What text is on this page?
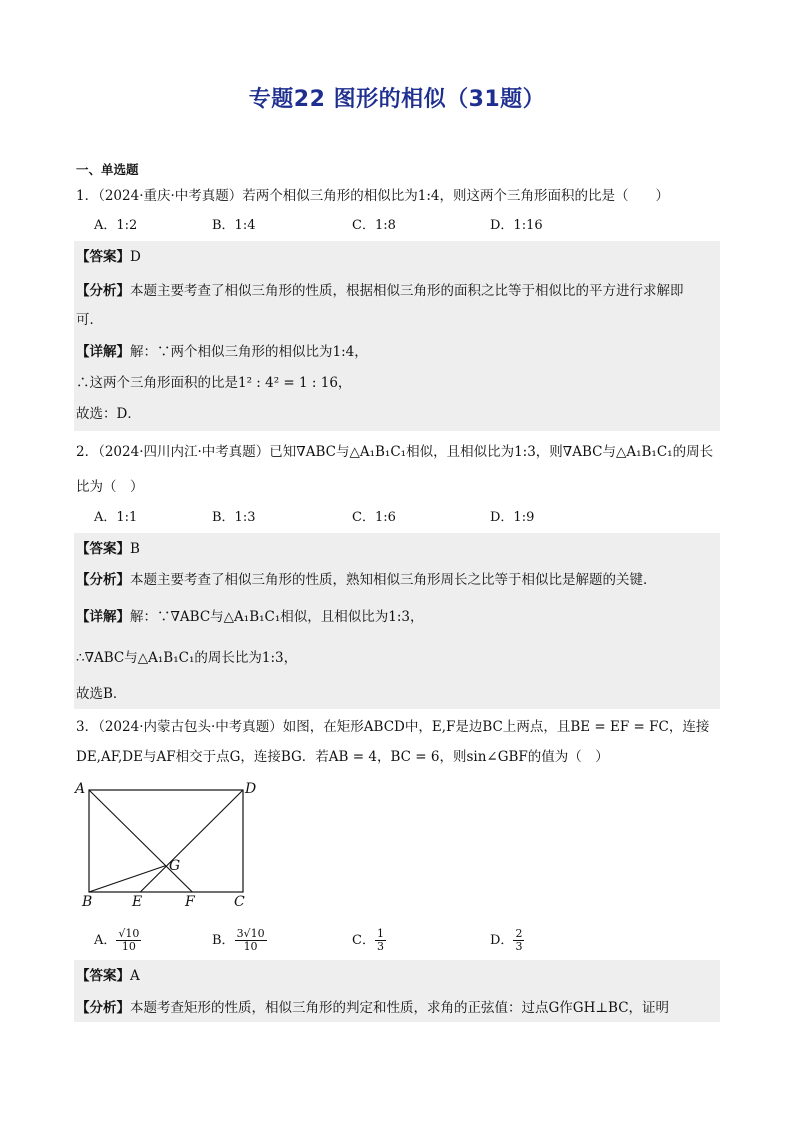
专题22 图形的相似（31题）
一、单选题
1．（2024·重庆·中考真题）若两个相似三角形的相似比为1:4，则这两个三角形面积的比是（　　）
A．1:2	B．1:4	C．1:8	D．1:16
【答案】D
【分析】本题主要考查了相似三角形的性质，根据相似三角形的面积之比等于相似比的平方进行求解即
可．
【详解】解：∵两个相似三角形的相似比为1:4，
∴这两个三角形面积的比是1² : 4² = 1 : 16，
故选：D．
2．（2024·四川内江·中考真题）已知∇ABC与△A₁B₁C₁相似，且相似比为1:3，则∇ABC与△A₁B₁C₁的周长
比为（　）
A．1:1	B．1:3	C．1:6	D．1:9
【答案】B
【分析】本题主要考查了相似三角形的性质，熟知相似三角形周长之比等于相似比是解题的关键．
【详解】解：∵∇ABC与△A₁B₁C₁相似，且相似比为1:3，
∴∇ABC与△A₁B₁C₁的周长比为1:3，
故选B．
3．（2024·内蒙古包头·中考真题）如图，在矩形ABCD中，E,F是边BC上两点，且BE = EF = FC，连接
DE,AF,DE与AF相交于点G，连接BG．若AB = 4，BC = 6，则sin∠GBF的值为（　）
A	D
G
B	E	F	C
A． $\frac{√10}{10}$	B． $\frac{3√10}{10}$	C． $\frac{1}{3}$	D． $\frac{2}{3}$
【答案】A
【分析】本题考查矩形的性质，相似三角形的判定和性质，求角的正弦值：过点G作GH⊥BC，证明
